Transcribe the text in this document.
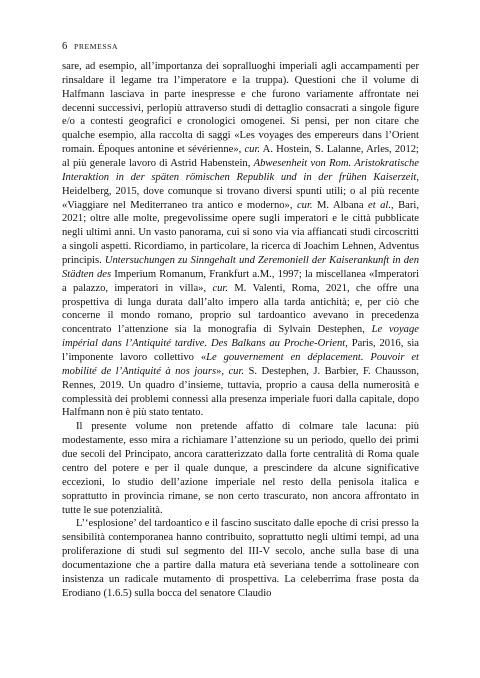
6 PREMESSA

sare, ad esempio, all’importanza dei sopralluoghi imperiali agli accampamenti per rinsaldare il legame tra l’imperatore e la truppa). Questioni che il volume di Halfmann lasciava in parte inespresse e che furono variamente affrontate nei decenni successivi, perlopiù attraverso studi di dettaglio consacrati a singole figure e/o a contesti geografici e cronologici omogenei. Si pensi, per non citare che qualche esempio, alla raccolta di saggi «Les voyages des empereurs dans l’Orient romain. Époques antonine et sévérienne», cur. A. Hostein, S. Lalanne, Arles, 2012; al più generale lavoro di Astrid Habenstein, Abwesenheit von Rom. Aristokratische Interaktion in der späten römischen Republik und in der frühen Kaiserzeit, Heidelberg, 2015, dove comunque si trovano diversi spunti utili; o al più recente «Viaggiare nel Mediterraneo tra antico e moderno», cur. M. Albana et al., Bari, 2021; oltre alle molte, pregevolissime opere sugli imperatori e le città pubblicate negli ultimi anni. Un vasto panorama, cui si sono via via affiancati studi circoscritti a singoli aspetti. Ricordiamo, in particolare, la ricerca di Joachim Lehnen, Adventus principis. Untersuchungen zu Sinngehalt und Zeremoniell der Kaiserankunft in den Städten des Imperium Romanum, Frankfurt a.M., 1997; la miscellanea «Imperatori a palazzo, imperatori in villa», cur. M. Valenti, Roma, 2021, che offre una prospettiva di lunga durata dall’alto impero alla tarda antichità; e, per ciò che concerne il mondo romano, proprio sul tardoantico avevano in precedenza concentrato l’attenzione sia la monografia di Sylvain Destephen, Le voyage impérial dans l’Antiquité tardive. Des Balkans au Proche-Orient, Paris, 2016, sia l’imponente lavoro collettivo «Le gouvernement en déplacement. Pouvoir et mobilité de l’Antiquité à nos jours», cur. S. Destephen, J. Barbier, F. Chausson, Rennes, 2019. Un quadro d’insieme, tuttavia, proprio a causa della numerosità e complessità dei problemi connessi alla presenza imperiale fuori dalla capitale, dopo Halfmann non è più stato tentato.

Il presente volume non pretende affatto di colmare tale lacuna: più modestamente, esso mira a richiamare l’attenzione su un periodo, quello dei primi due secoli del Principato, ancora caratterizzato dalla forte centralità di Roma quale centro del potere e per il quale dunque, a prescindere da alcune significative eccezioni, lo studio dell’azione imperiale nel resto della penisola italica e soprattutto in provincia rimane, se non certo trascurato, non ancora affrontato in tutte le sue potenzialità.

L’‘esplosione’ del tardoantico e il fascino suscitato dalle epoche di crisi presso la sensibilità contemporanea hanno contribuito, soprattutto negli ultimi tempi, ad una proliferazione di studi sul segmento del III-V secolo, anche sulla base di una documentazione che a partire dalla matura età severiana tende a sottolineare con insistenza un radicale mutamento di prospettiva. La celeberrima frase posta da Erodiano (1.6.5) sulla bocca del senatore Claudio
